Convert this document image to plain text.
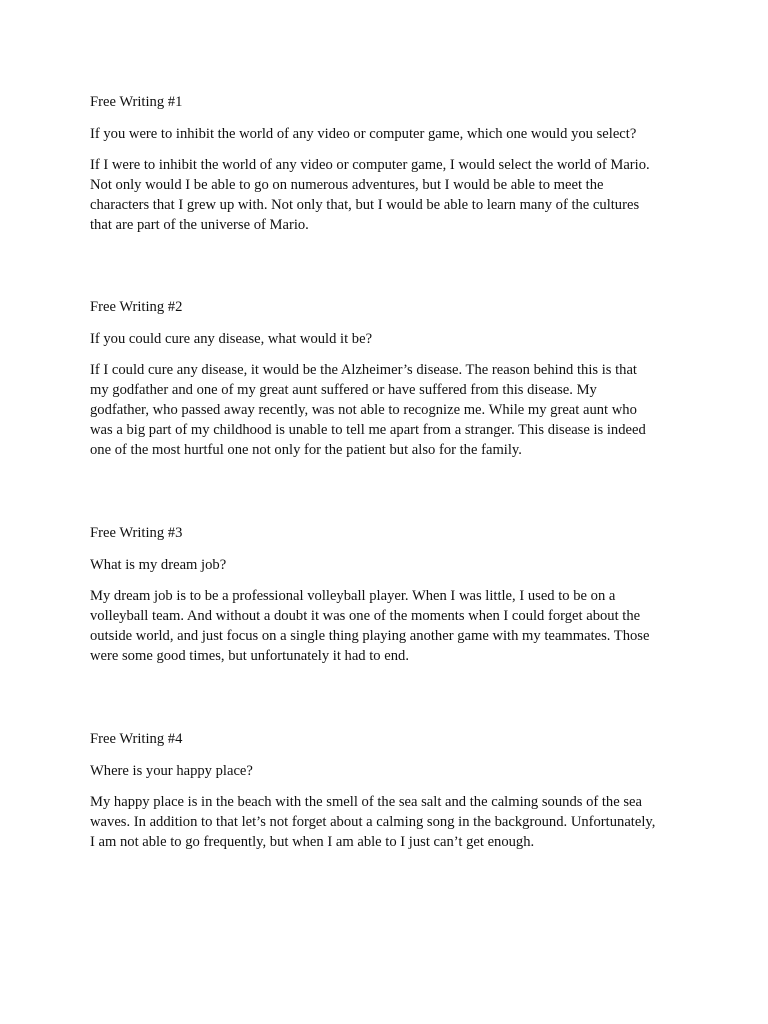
Free Writing #1

If you were to inhibit the world of any video or computer game, which one would you select?

If I were to inhibit the world of any video or computer game, I would select the world of Mario.
Not only would I be able to go on numerous adventures, but I would be able to meet the
characters that I grew up with. Not only that, but I would be able to learn many of the cultures
that are part of the universe of Mario.

Free Writing #2

If you could cure any disease, what would it be?

If I could cure any disease, it would be the Alzheimer’s disease. The reason behind this is that
my godfather and one of my great aunt suffered or have suffered from this disease. My
godfather, who passed away recently, was not able to recognize me. While my great aunt who
was a big part of my childhood is unable to tell me apart from a stranger. This disease is indeed
one of the most hurtful one not only for the patient but also for the family.

Free Writing #3

What is my dream job?

My dream job is to be a professional volleyball player. When I was little, I used to be on a
volleyball team. And without a doubt it was one of the moments when I could forget about the
outside world, and just focus on a single thing playing another game with my teammates. Those
were some good times, but unfortunately it had to end.

Free Writing #4

Where is your happy place?

My happy place is in the beach with the smell of the sea salt and the calming sounds of the sea
waves. In addition to that let’s not forget about a calming song in the background. Unfortunately,
I am not able to go frequently, but when I am able to I just can’t get enough.
